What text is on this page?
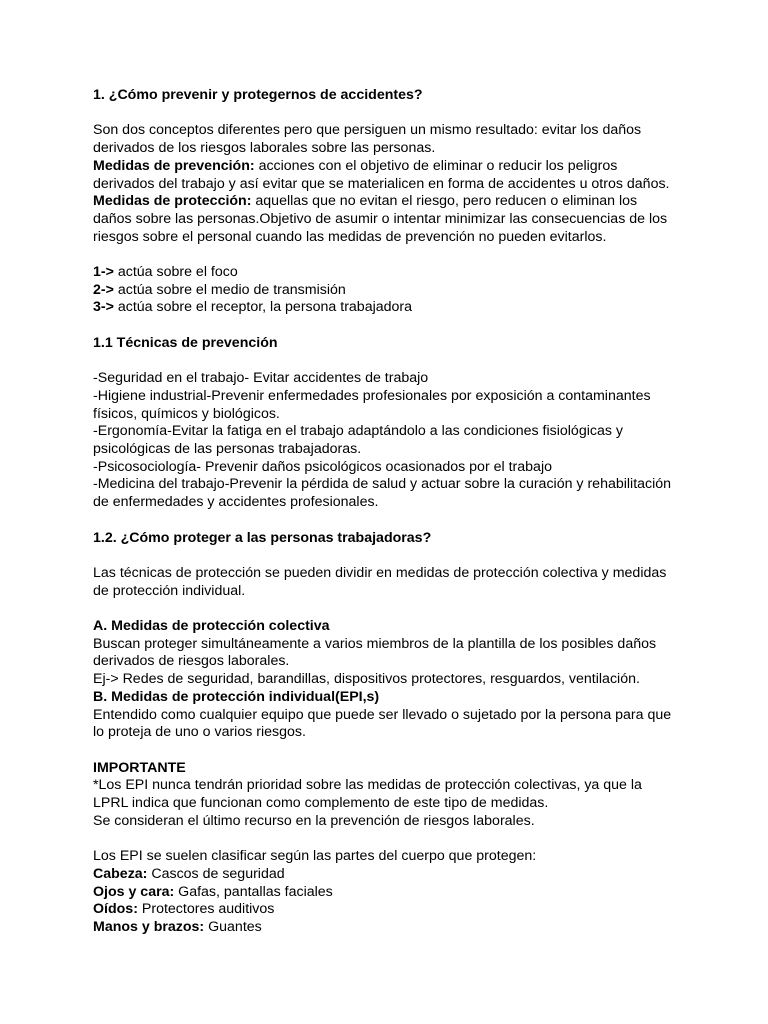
1. ¿Cómo prevenir y protegernos de accidentes?

Son dos conceptos diferentes pero que persiguen un mismo resultado: evitar los daños
derivados de los riesgos laborales sobre las personas.

Medidas de prevención: acciones con el objetivo de eliminar o reducir los peligros
derivados del trabajo y así evitar que se materialicen en forma de accidentes u otros daños.

Medidas de protección: aquellas que no evitan el riesgo, pero reducen o eliminan los
daños sobre las personas.Objetivo de asumir o intentar minimizar las consecuencias de los
riesgos sobre el personal cuando las medidas de prevención no pueden evitarlos.

1-> actúa sobre el foco

2-> actúa sobre el medio de transmisión

3-> actúa sobre el receptor, la persona trabajadora

1.1 Técnicas de prevención

-Seguridad en el trabajo- Evitar accidentes de trabajo

-Higiene industrial-Prevenir enfermedades profesionales por exposición a contaminantes

físicos, químicos y biológicos.

-Ergonomía-Evitar la fatiga en el trabajo adaptándolo a las condiciones fisiológicas y

psicológicas de las personas trabajadoras.

-Psicosociología- Prevenir daños psicológicos ocasionados por el trabajo

-Medicina del trabajo-Prevenir la pérdida de salud y actuar sobre la curación y rehabilitación

de enfermedades y accidentes profesionales.

1.2. ¿Cómo proteger a las personas trabajadoras?

Las técnicas de protección se pueden dividir en medidas de protección colectiva y medidas
de protección individual.

A. Medidas de protección colectiva

Buscan proteger simultáneamente a varios miembros de la plantilla de los posibles daños
derivados de riesgos laborales.
Ej-> Redes de seguridad, barandillas, dispositivos protectores, resguardos, ventilación.

B. Medidas de protección individual(EPI,s)

Entendido como cualquier equipo que puede ser llevado o sujetado por la persona para que
lo proteja de uno o varios riesgos.

IMPORTANTE

*Los EPI nunca tendrán prioridad sobre las medidas de protección colectivas, ya que la
LPRL indica que funcionan como complemento de este tipo de medidas.
Se consideran el último recurso en la prevención de riesgos laborales.

Los EPI se suelen clasificar según las partes del cuerpo que protegen:

Cabeza: Cascos de seguridad

Ojos y cara: Gafas, pantallas faciales

Oídos: Protectores auditivos

Manos y brazos: Guantes
